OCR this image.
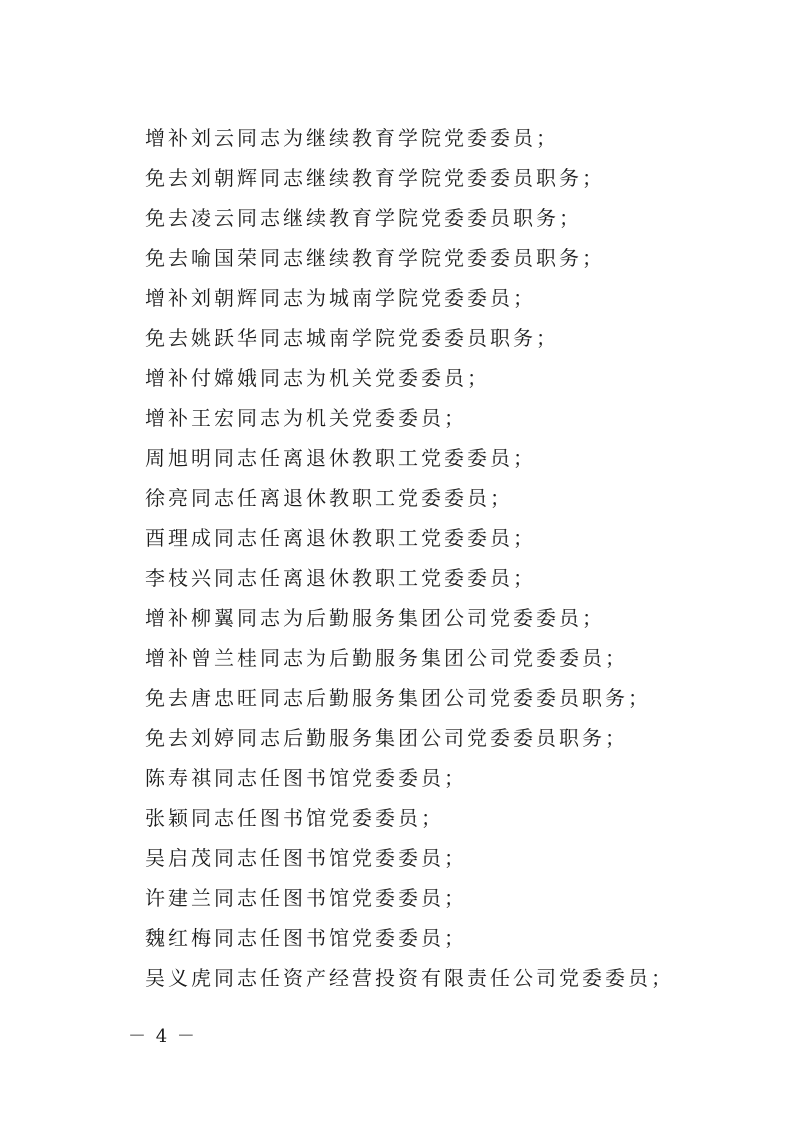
增补刘云同志为继续教育学院党委委员；
免去刘朝辉同志继续教育学院党委委员职务；
免去凌云同志继续教育学院党委委员职务；
免去喻国荣同志继续教育学院党委委员职务；
增补刘朝辉同志为城南学院党委委员；
免去姚跃华同志城南学院党委委员职务；
增补付嫦娥同志为机关党委委员；
增补王宏同志为机关党委委员；
周旭明同志任离退休教职工党委委员；
徐亮同志任离退休教职工党委委员；
酉理成同志任离退休教职工党委委员；
李枝兴同志任离退休教职工党委委员；
增补柳翼同志为后勤服务集团公司党委委员；
增补曾兰桂同志为后勤服务集团公司党委委员；
免去唐忠旺同志后勤服务集团公司党委委员职务；
免去刘婷同志后勤服务集团公司党委委员职务；
陈寿祺同志任图书馆党委委员；
张颖同志任图书馆党委委员；
吴启茂同志任图书馆党委委员；
许建兰同志任图书馆党委委员；
魏红梅同志任图书馆党委委员；
吴义虎同志任资产经营投资有限责任公司党委委员；
－ 4 －
